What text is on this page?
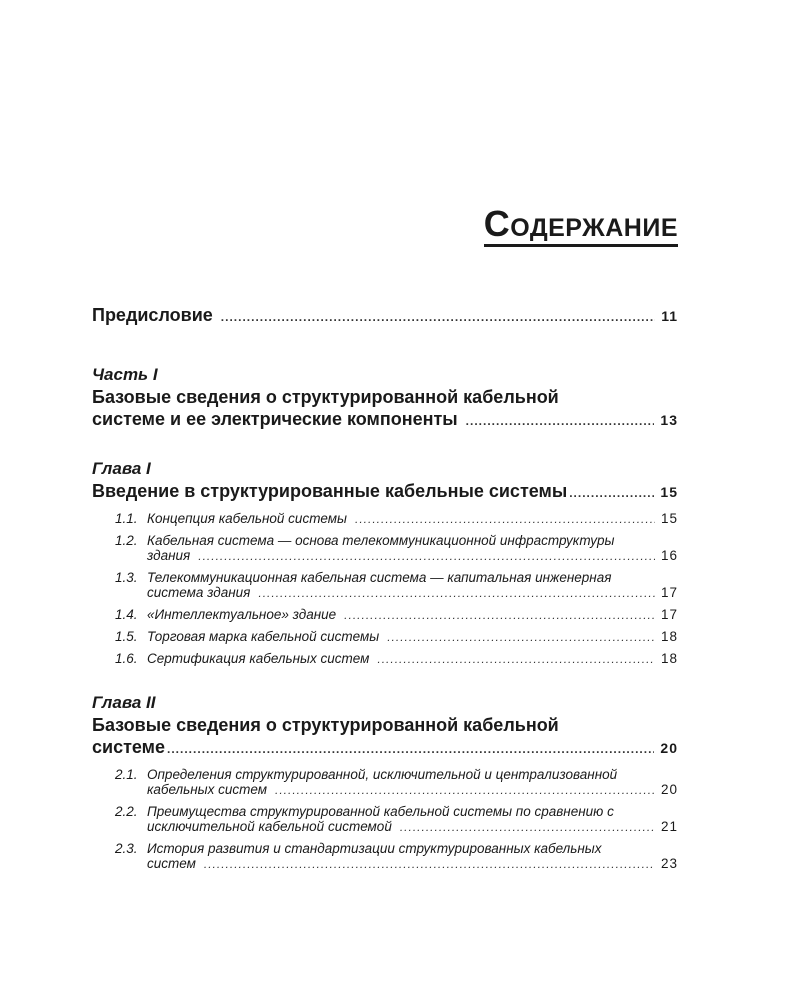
Содержание
Предисловие .....	11
Часть I
Базовые сведения о структурированной кабельной
системе и ее электрические компоненты .....	13
Глава I
Введение в структурированные кабельные системы .....	15
1.1. Концепция кабельной системы .....	15
1.2. Кабельная система — основа телекоммуникационной инфраструктуры
здания .....	16
1.3. Телекоммуникационная кабельная система — капитальная инженерная
система здания .....	17
1.4. «Интеллектуальное» здание .....	17
1.5. Торговая марка кабельной системы .....	18
1.6. Сертификация кабельных систем .....	18
Глава II
Базовые сведения о структурированной кабельной
системе .....	20
2.1. Определения структурированной, исключительной и централизованной
кабельных систем .....	20
2.2. Преимущества структурированной кабельной системы по сравнению с
исключительной кабельной системой .....	21
2.3. История развития и стандартизации структурированных кабельных
систем .....	23
